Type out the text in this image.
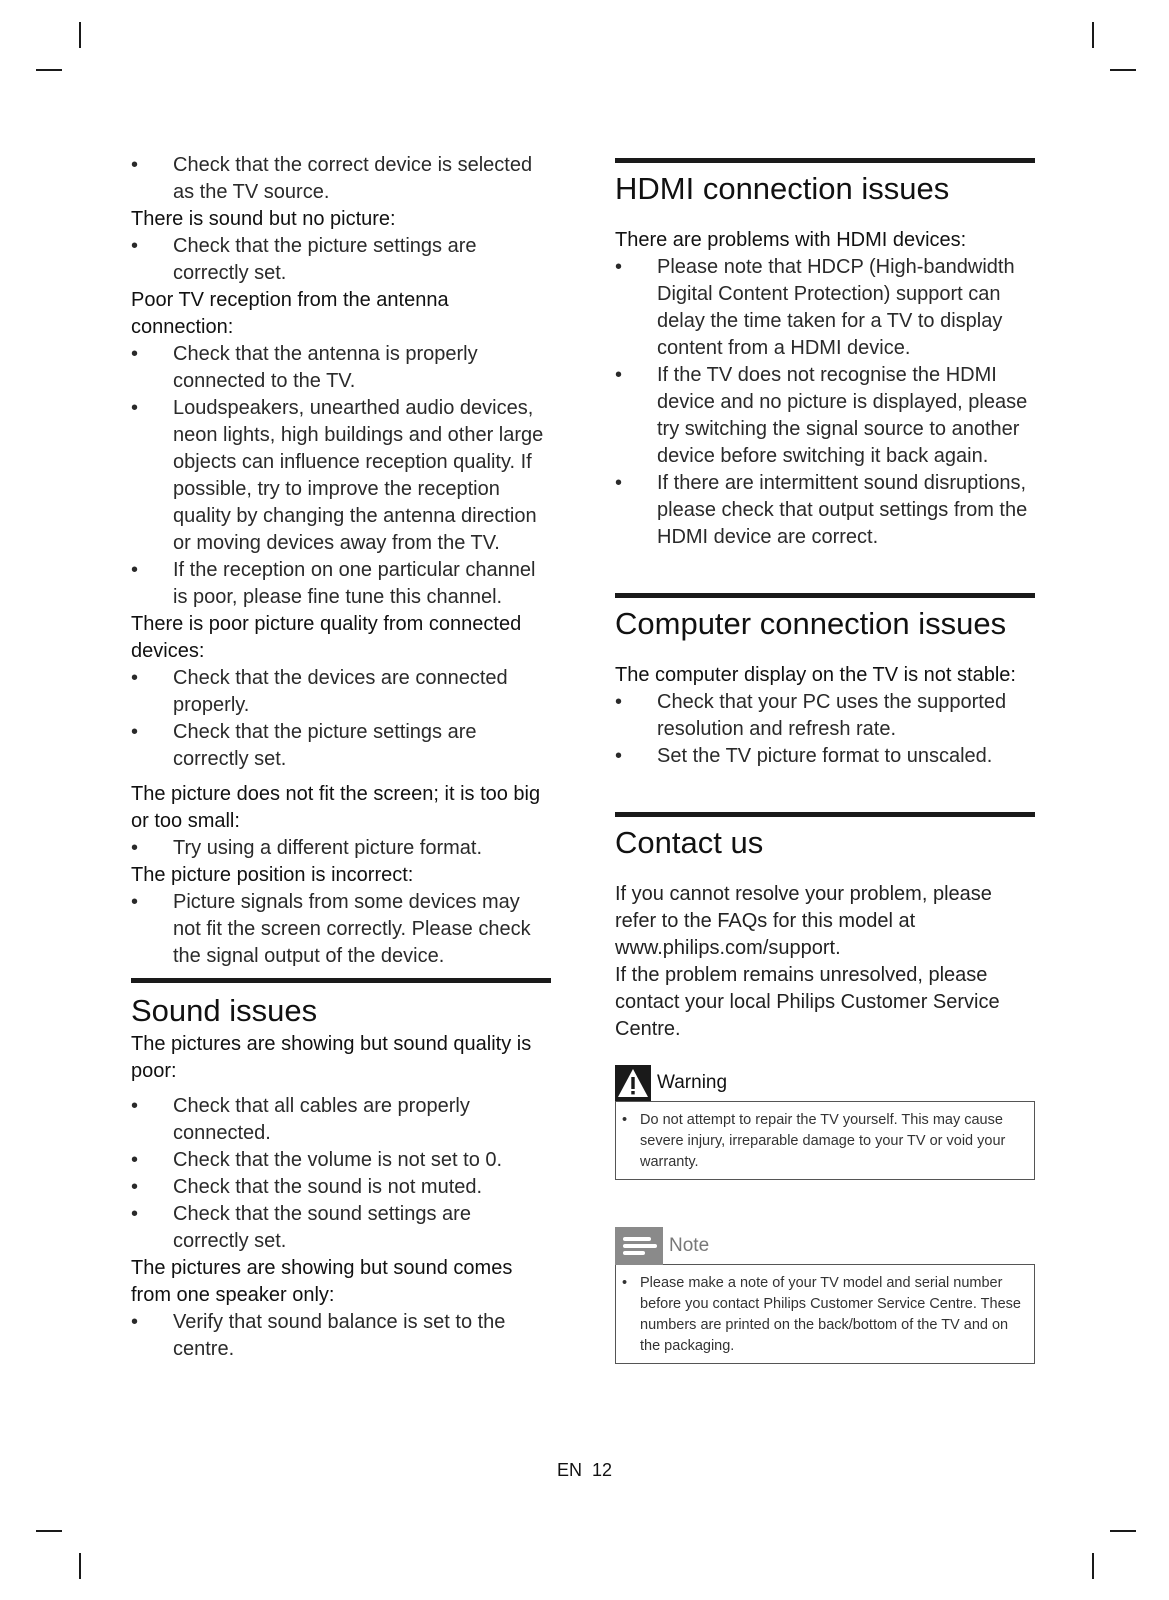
•	Check that the correct device is selected as the TV source.

There is sound but no picture:

•	Check that the picture settings are correctly set.

Poor TV reception from the antenna connection:

•	Check that the antenna is properly connected to the TV.
•	Loudspeakers, unearthed audio devices, neon lights, high buildings and other large objects can influence reception quality. If possible, try to improve the reception quality by changing the antenna direction or moving devices away from the TV.
•	If the reception on one particular channel is poor, please fine tune this channel.

There is poor picture quality from connected devices:

•	Check that the devices are connected properly.
•	Check that the picture settings are correctly set.

The picture does not fit the screen; it is too big or too small:

•	Try using a different picture format.

The picture position is incorrect:

•	Picture signals from some devices may not fit the screen correctly. Please check the signal output of the device.
Sound issues

The pictures are showing but sound quality is poor:

•	Check that all cables are properly connected.
•	Check that the volume is not set to 0.
•	Check that the sound is not muted.
•	Check that the sound settings are correctly set.

The pictures are showing but sound comes from one speaker only:

•	Verify that sound balance is set to the centre.
HDMI connection issues

There are problems with HDMI devices:

•	Please note that HDCP (High-bandwidth Digital Content Protection) support can delay the time taken for a TV to display content from a HDMI device.
•	If the TV does not recognise the HDMI device and no picture is displayed, please try switching the signal source to another device before switching it back again.
•	If there are intermittent sound disruptions, please check that output settings from the HDMI device are correct.
Computer connection issues

The computer display on the TV is not stable:

•	Check that your PC uses the supported resolution and refresh rate.
•	Set the TV picture format to unscaled.
Contact us
If you cannot resolve your problem, please refer to the FAQs for this model at www.philips.com/support.
If the problem remains unresolved, please contact your local Philips Customer Service Centre.
Warning
• Do not attempt to repair the TV yourself. This may cause severe injury, irreparable damage to your TV or void your warranty.
Note
• Please make a note of your TV model and serial number before you contact Philips Customer Service Centre. These numbers are printed on the back/bottom of the TV and on the packaging.
EN 12
